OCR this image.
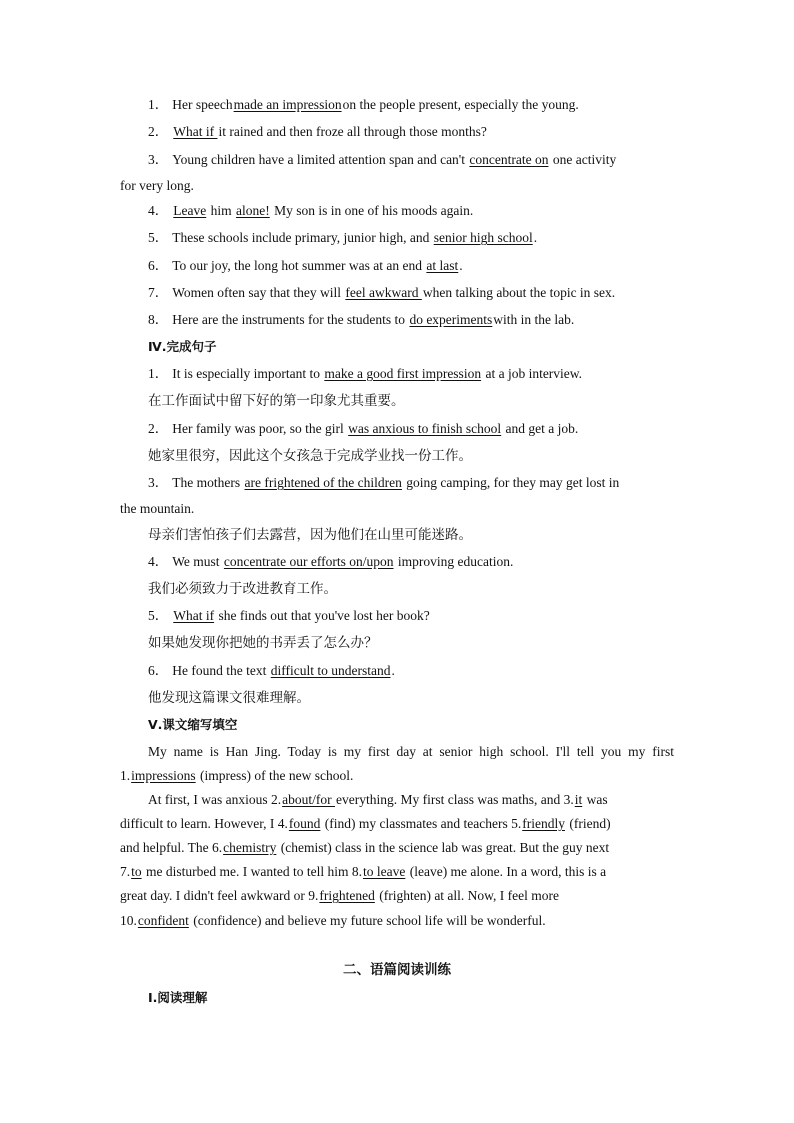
1． Her speechmade an impressionon the people present, especially the young.
2． What if it rained and then froze all through those months?
3． Young children have a limited attention span and can't concentrate on one activity
for very long.
4． Leave him alone! My son is in one of his moods again.
5． These schools include primary, junior high, and senior high school.
6． To our joy, the long hot summer was at an end at last.
7． Women often say that they will feel awkward when talking about the topic in sex.
8． Here are the instruments for the students to do experimentswith in the lab.
Ⅳ.完成句子
1． It is especially important to make a good first impression at a job interview.
在工作面试中留下好的第一印象尤其重要。
2． Her family was poor, so the girl was anxious to finish school and get a job.
她家里很穷，因此这个女孩急于完成学业找一份工作。
3． The mothers are frightened of the children going camping, for they may get lost in
the mountain.
母亲们害怕孩子们去露营，因为他们在山里可能迷路。
4． We must concentrate our efforts on/upon improving education.
我们必须致力于改进教育工作。
5． What if she finds out that you've lost her book?
如果她发现你把她的书弄丢了怎么办？
6． He found the text difficult to understand.
他发现这篇课文很难理解。
Ⅴ.课文缩写填空
My name is Han Jing. Today is my first day at senior high school. I'll tell you my first
1.impressions (impress) of the new school.
At first, I was anxious 2.about/for everything. My first class was maths, and 3.it was
difficult to learn. However, I 4.found (find) my classmates and teachers 5.friendly (friend)
and helpful. The 6.chemistry (chemist) class in the science lab was great. But the guy next
7.to me disturbed me. I wanted to tell him 8.to leave (leave) me alone. In a word, this is a
great day. I didn't feel awkward or 9.frightened (frighten) at all. Now, I feel more
10.confident (confidence) and believe my future school life will be wonderful.
二、语篇阅读训练
Ⅰ.阅读理解
